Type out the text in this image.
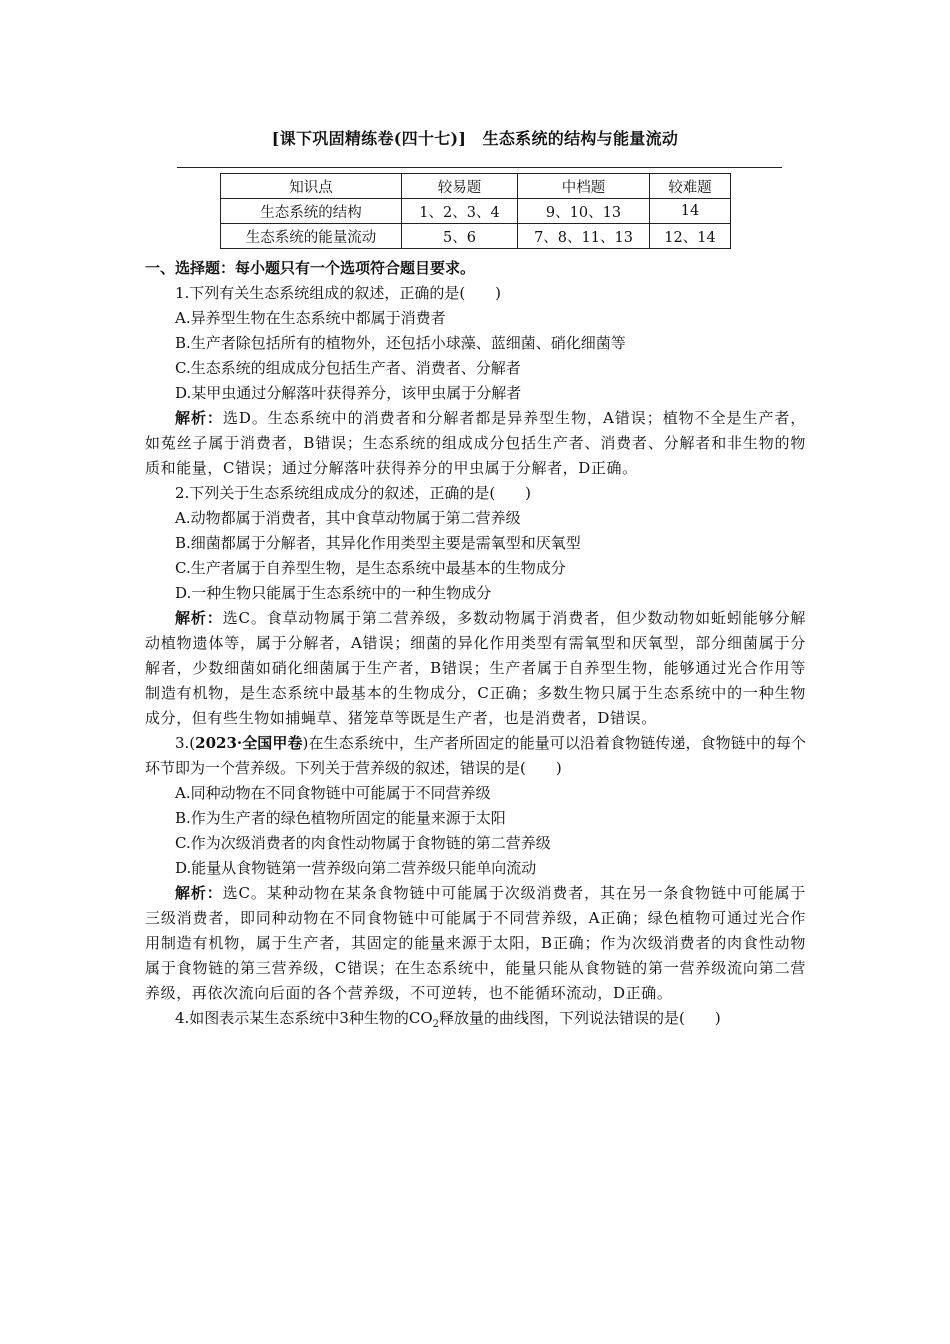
[课下巩固精练卷(四十七)]　生态系统的结构与能量流动
知识点	较易题	中档题	较难题
生态系统的结构	1、2、3、4	9、10、13	14
生态系统的能量流动	5、6	7、8、11、13	12、14

一、选择题：每小题只有一个选项符合题目要求。

1.下列有关生态系统组成的叙述，正确的是(　　)

A.异养型生物在生态系统中都属于消费者

B.生产者除包括所有的植物外，还包括小球藻、蓝细菌、硝化细菌等

C.生态系统的组成成分包括生产者、消费者、分解者

D.某甲虫通过分解落叶获得养分，该甲虫属于分解者

解析：选D。生态系统中的消费者和分解者都是异养型生物，A错误；植物不全是生产者，如菟丝子属于消费者，B错误；生态系统的组成成分包括生产者、消费者、分解者和非生物的物质和能量，C错误；通过分解落叶获得养分的甲虫属于分解者，D正确。

2.下列关于生态系统组成成分的叙述，正确的是(　　)

A.动物都属于消费者，其中食草动物属于第二营养级

B.细菌都属于分解者，其异化作用类型主要是需氧型和厌氧型

C.生产者属于自养型生物，是生态系统中最基本的生物成分

D.一种生物只能属于生态系统中的一种生物成分

解析：选C。食草动物属于第二营养级，多数动物属于消费者，但少数动物如蚯蚓能够分解动植物遗体等，属于分解者，A错误；细菌的异化作用类型有需氧型和厌氧型，部分细菌属于分解者，少数细菌如硝化细菌属于生产者，B错误；生产者属于自养型生物，能够通过光合作用等制造有机物，是生态系统中最基本的生物成分，C正确；多数生物只属于生态系统中的一种生物成分，但有些生物如捕蝇草、猪笼草等既是生产者，也是消费者，D错误。

3.(2023·全国甲卷)在生态系统中，生产者所固定的能量可以沿着食物链传递，食物链中的每个环节即为一个营养级。下列关于营养级的叙述，错误的是(　　)

A.同种动物在不同食物链中可能属于不同营养级

B.作为生产者的绿色植物所固定的能量来源于太阳

C.作为次级消费者的肉食性动物属于食物链的第二营养级

D.能量从食物链第一营养级向第二营养级只能单向流动

解析：选C。某种动物在某条食物链中可能属于次级消费者，其在另一条食物链中可能属于三级消费者，即同种动物在不同食物链中可能属于不同营养级，A正确；绿色植物可通过光合作用制造有机物，属于生产者，其固定的能量来源于太阳，B正确；作为次级消费者的肉食性动物属于食物链的第三营养级，C错误；在生态系统中，能量只能从食物链的第一营养级流向第二营养级，再依次流向后面的各个营养级，不可逆转，也不能循环流动，D正确。

4.如图表示某生态系统中3种生物的$CO_2$释放量的曲线图，下列说法错误的是(　　)
